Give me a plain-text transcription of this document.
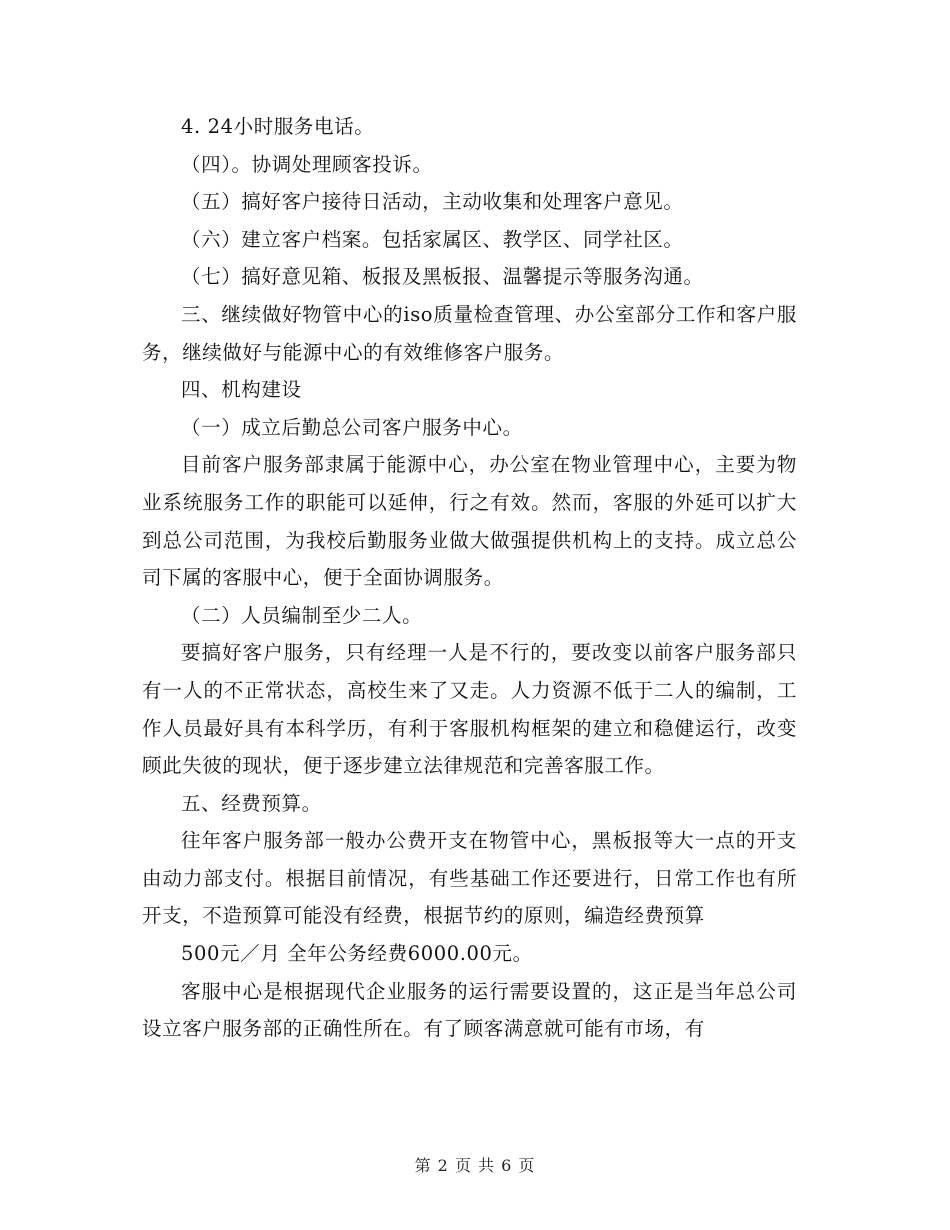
4. 24小时服务电话。

（四）。协调处理顾客投诉。

（五）搞好客户接待日活动，主动收集和处理客户意见。

（六）建立客户档案。包括家属区、教学区、同学社区。

（七）搞好意见箱、板报及黑板报、温馨提示等服务沟通。

三、继续做好物管中心的iso质量检查管理、办公室部分工作和客户服务，继续做好与能源中心的有效维修客户服务。

四、机构建设

（一）成立后勤总公司客户服务中心。

目前客户服务部隶属于能源中心，办公室在物业管理中心，主要为物业系统服务工作的职能可以延伸，行之有效。然而，客服的外延可以扩大到总公司范围，为我校后勤服务业做大做强提供机构上的支持。成立总公司下属的客服中心，便于全面协调服务。

（二）人员编制至少二人。

要搞好客户服务，只有经理一人是不行的，要改变以前客户服务部只有一人的不正常状态，高校生来了又走。人力资源不低于二人的编制，工作人员最好具有本科学历，有利于客服机构框架的建立和稳健运行，改变顾此失彼的现状，便于逐步建立法律规范和完善客服工作。

五、经费预算。

往年客户服务部一般办公费开支在物管中心，黑板报等大一点的开支由动力部支付。根据目前情况，有些基础工作还要进行，日常工作也有所开支，不造预算可能没有经费，根据节约的原则，编造经费预算

500元／月 全年公务经费6000.00元。

客服中心是根据现代企业服务的运行需要设置的，这正是当年总公司设立客户服务部的正确性所在。有了顾客满意就可能有市场，有

第 2 页 共 6 页
